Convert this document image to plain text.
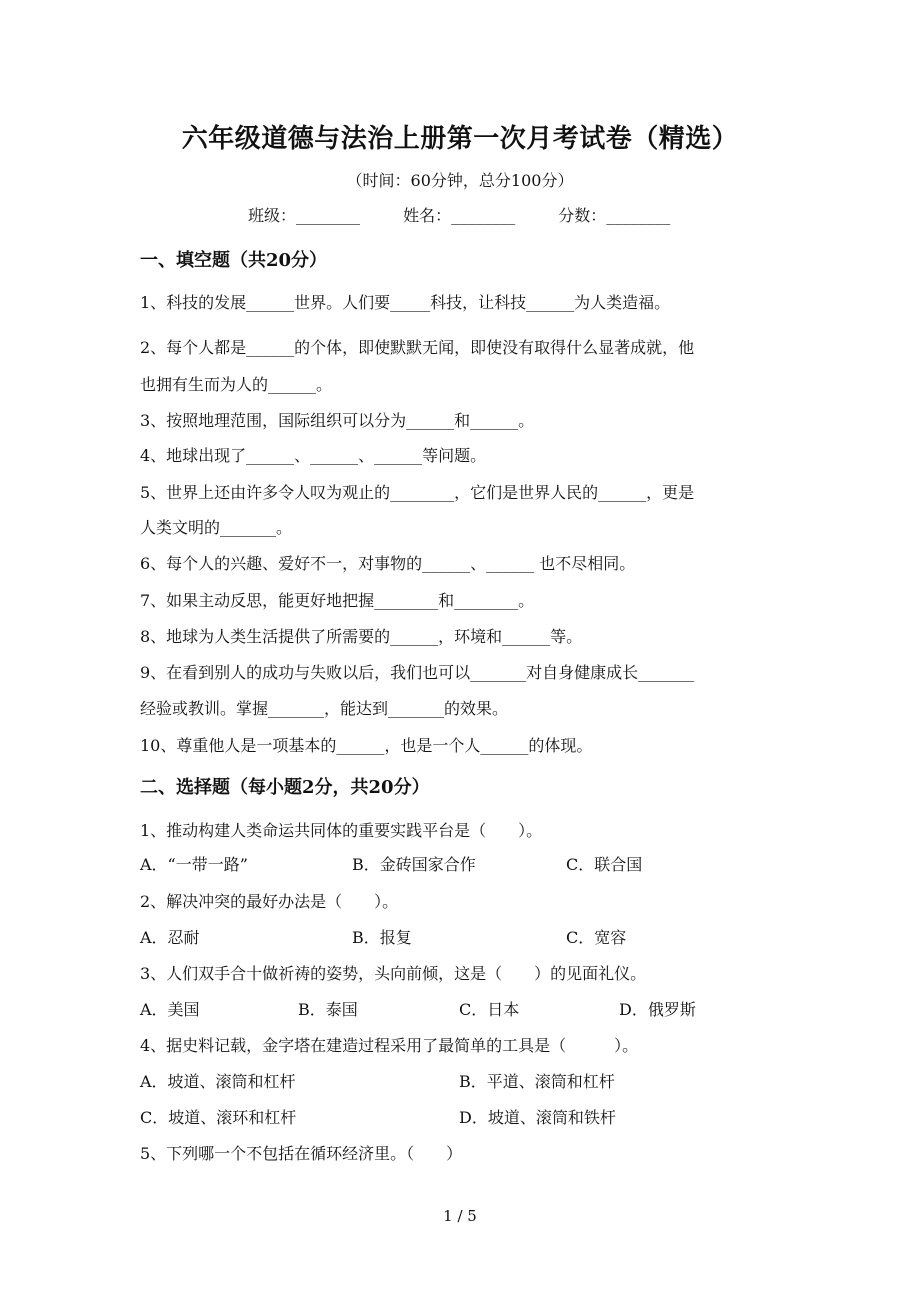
六年级道德与法治上册第一次月考试卷（精选）
（时间：60分钟，总分100分）
班级：________	姓名：________	分数：________
一、填空题（共20分）
1、科技的发展______世界。人们要_____科技，让科技______为人类造福。
2、每个人都是______的个体，即使默默无闻，即使没有取得什么显著成就，他
也拥有生而为人的______。
3、按照地理范围，国际组织可以分为______和______。
4、地球出现了______、______、______等问题。
5、世界上还由许多令人叹为观止的________，它们是世界人民的______，更是
人类文明的_______。
6、每个人的兴趣、爱好不一，对事物的______、______ 也不尽相同。
7、如果主动反思，能更好地把握________和________。
8、地球为人类生活提供了所需要的______，环境和______等。
9、在看到别人的成功与失败以后，我们也可以_______对自身健康成长_______
经验或教训。掌握_______，能达到_______的效果。
10、尊重他人是一项基本的______，也是一个人______的体现。
二、选择题（每小题2分，共20分）
1、推动构建人类命运共同体的重要实践平台是（　　）。
A．“一带一路”	B．金砖国家合作	C．联合国
2、解决冲突的最好办法是（　　）。
A．忍耐	B．报复	C．宽容
3、人们双手合十做祈祷的姿势，头向前倾，这是（　　）的见面礼仪。
A．美国	B．泰国	C．日本	D．俄罗斯
4、据史料记载，金字塔在建造过程采用了最简单的工具是（　　　）。
A．坡道、滚筒和杠杆	B．平道、滚筒和杠杆
C．坡道、滚环和杠杆	D．坡道、滚筒和铁杆
5、下列哪一个不包括在循环经济里。（　　）
1 / 5
